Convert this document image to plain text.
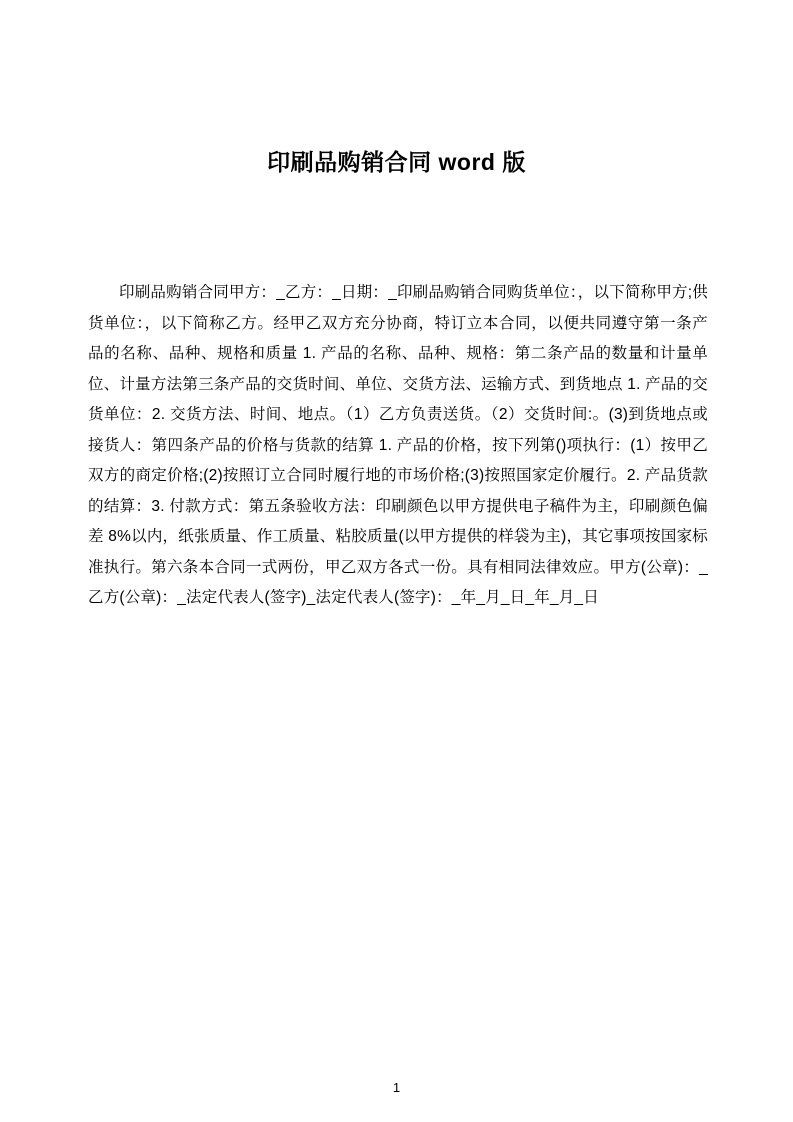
印刷品购销合同 word 版

印刷品购销合同甲方：_乙方：_日期：_印刷品购销合同购货单位：，以下简称甲方;供货单位：，以下简称乙方。经甲乙双方充分协商，特订立本合同，以便共同遵守第一条产品的名称、品种、规格和质量 1. 产品的名称、品种、规格：第二条产品的数量和计量单位、计量方法第三条产品的交货时间、单位、交货方法、运输方式、到货地点 1. 产品的交货单位：2. 交货方法、时间、地点。（1）乙方负责送货。（2）交货时间:。(3)到货地点或接货人：第四条产品的价格与货款的结算 1. 产品的价格，按下列第()项执行：(1）按甲乙双方的商定价格;(2)按照订立合同时履行地的市场价格;(3)按照国家定价履行。2. 产品货款的结算：3. 付款方式：第五条验收方法：印刷颜色以甲方提供电子稿件为主，印刷颜色偏差 8%以内，纸张质量、作工质量、粘胶质量(以甲方提供的样袋为主)，其它事项按国家标准执行。第六条本合同一式两份，甲乙双方各式一份。具有相同法律效应。甲方(公章)：_乙方(公章)：_法定代表人(签字)_法定代表人(签字)：_年_月_日_年_月_日

1
